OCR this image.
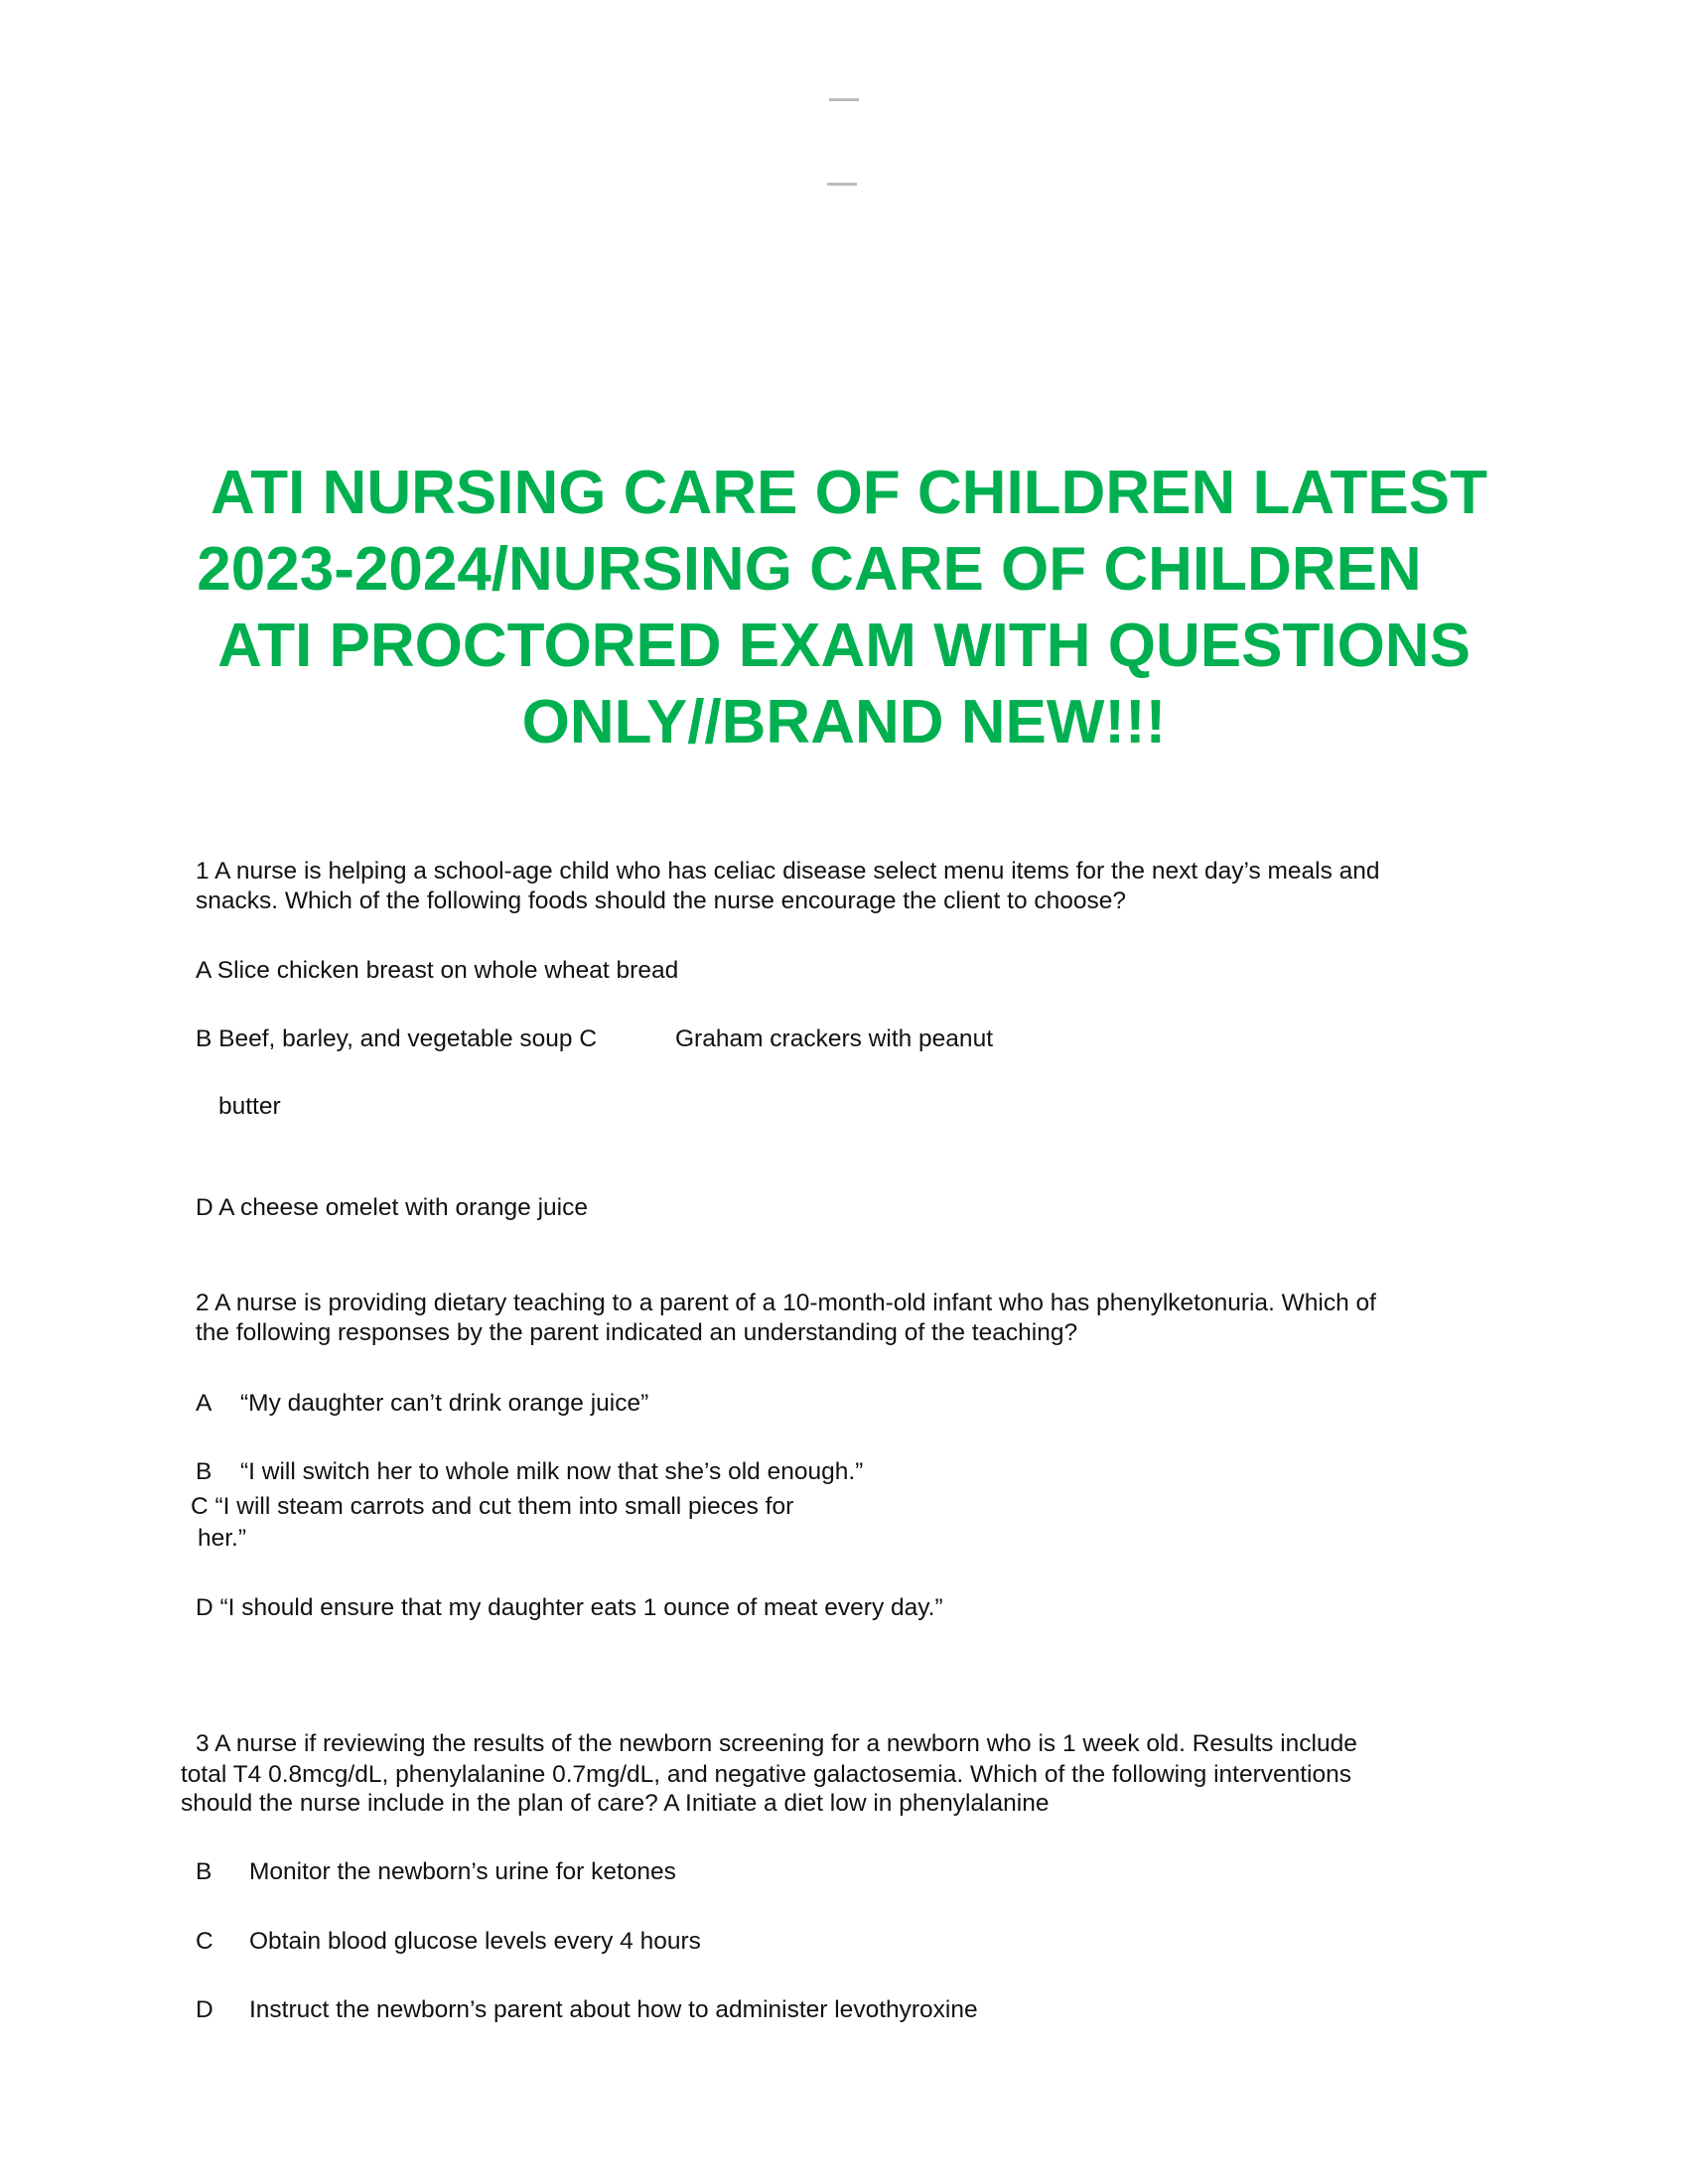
ATI NURSING CARE OF CHILDREN LATEST
2023-2024/NURSING CARE OF CHILDREN
ATI PROCTORED EXAM WITH QUESTIONS
ONLY//BRAND NEW!!!
1 A nurse is helping a school-age child who has celiac disease select menu items for the next day’s meals and
snacks. Which of the following foods should the nurse encourage the client to choose?
A Slice chicken breast on whole wheat bread
B Beef, barley, and vegetable soup C	Graham crackers with peanut
butter
D A cheese omelet with orange juice
2 A nurse is providing dietary teaching to a parent of a 10-month-old infant who has phenylketonuria. Which of
the following responses by the parent indicated an understanding of the teaching?
A “My daughter can’t drink orange juice”
B “I will switch her to whole milk now that she’s old enough.”
C “I will steam carrots and cut them into small pieces for
her.”
D “I should ensure that my daughter eats 1 ounce of meat every day.”
3 A nurse if reviewing the results of the newborn screening for a newborn who is 1 week old. Results include
total T4 0.8mcg/dL, phenylalanine 0.7mg/dL, and negative galactosemia. Which of the following interventions
should the nurse include in the plan of care? A Initiate a diet low in phenylalanine
B Monitor the newborn’s urine for ketones
C Obtain blood glucose levels every 4 hours
D Instruct the newborn’s parent about how to administer levothyroxine
